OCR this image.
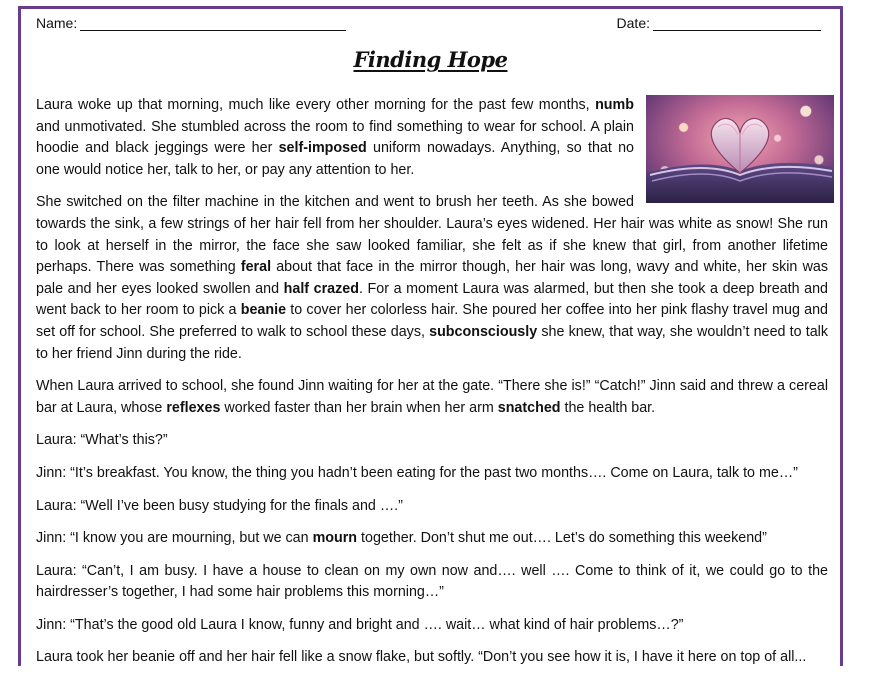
Name:	Date:
Finding Hope

Laura woke up that morning, much like every other morning for the past few months, numb and unmotivated. She stumbled across the room to find something to wear for school. A plain hoodie and black jeggings were her self-imposed uniform nowadays. Anything, so that no one would notice her, talk to her, or pay any attention to her.

She switched on the filter machine in the kitchen and went to brush her teeth. As she bowed towards the sink, a few strings of her hair fell from her shoulder. Laura’s eyes widened. Her hair was white as snow! She run to look at herself in the mirror, the face she saw looked familiar, she felt as if she knew that girl, from another lifetime perhaps. There was something feral about that face in the mirror though, her hair was long, wavy and white, her skin was pale and her eyes looked swollen and half crazed. For a moment Laura was alarmed, but then she took a deep breath and went back to her room to pick a beanie to cover her colorless hair. She poured her coffee into her pink flashy travel mug and set off for school. She preferred to walk to school these days, subconsciously she knew, that way, she wouldn’t need to talk to her friend Jinn during the ride.

When Laura arrived to school, she found Jinn waiting for her at the gate. “There she is!” “Catch!” Jinn said and threw a cereal bar at Laura, whose reflexes worked faster than her brain when her arm snatched the health bar.

Laura: “What’s this?”

Jinn: “It’s breakfast. You know, the thing you hadn’t been eating for the past two months…. Come on Laura, talk to me…”

Laura: “Well I’ve been busy studying for the finals and ….”

Jinn: “I know you are mourning, but we can mourn together. Don’t shut me out…. Let’s do something this weekend”

Laura: “Can’t, I am busy. I have a house to clean on my own now and…. well …. Come to think of it, we could go to the hairdresser’s together, I had some hair problems this morning…”

Jinn: “That’s the good old Laura I know, funny and bright and …. wait… what kind of hair problems…?”

Laura took her beanie off and her hair fell like a snow flake, but softly. “Don’t you see how it is, I have it here on top of all...
